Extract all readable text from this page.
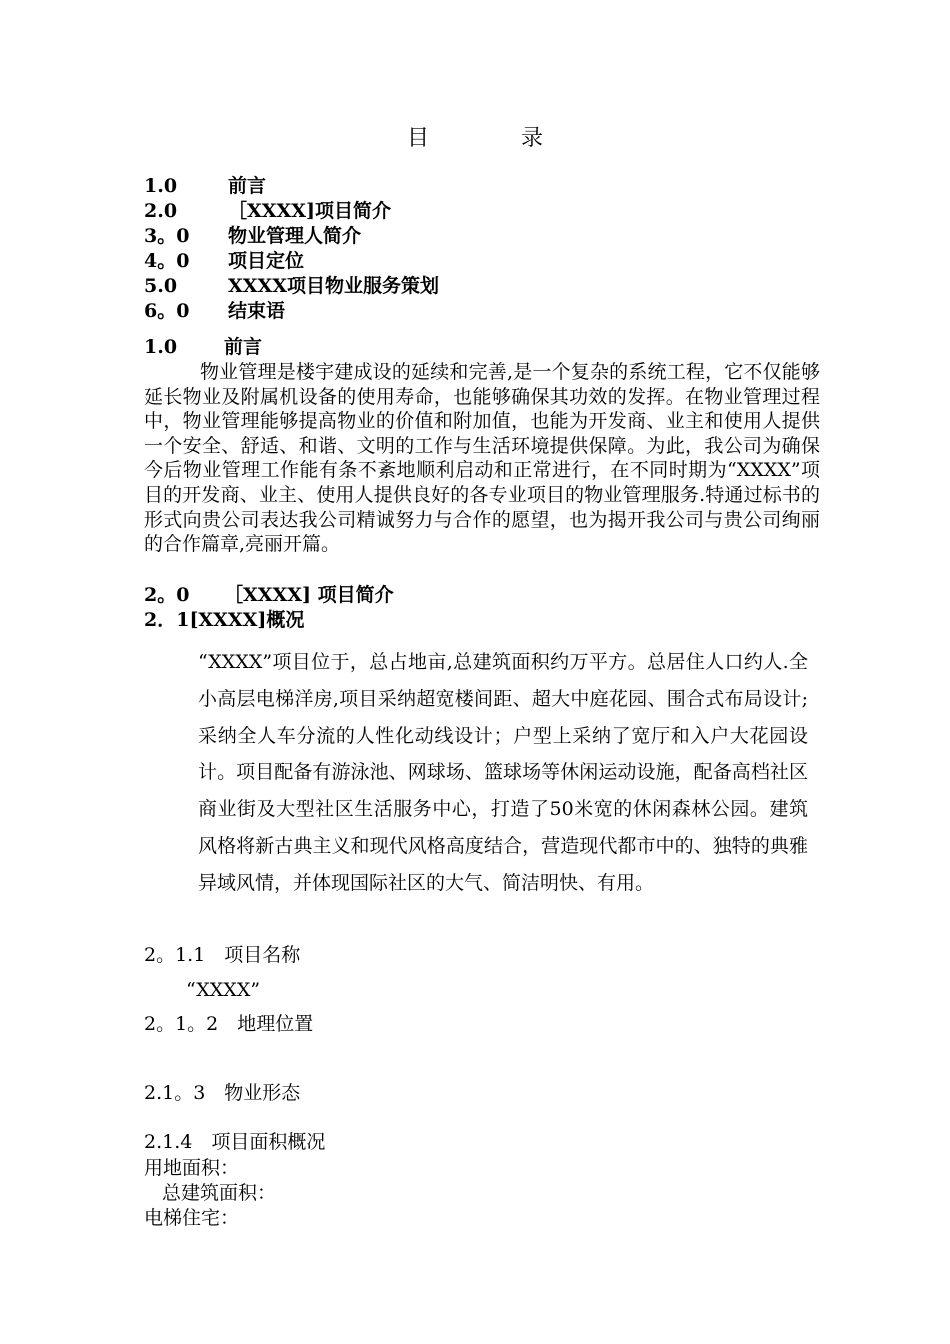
目	录
1.0	前言
2.0	［XXXX]项目简介
3。0 物业管理人简介
4。0 项目定位
5.0	XXXX项目物业服务策划
6。0 结束语
1.0 前言
物业管理是楼宇建成设的延续和完善,是一个复杂的系统工程，它不仅能够延长物业及附属机设备的使用寿命，也能够确保其功效的发挥。在物业管理过程中，物业管理能够提高物业的价值和附加值，也能为开发商、业主和使用人提供一个安全、舒适、和谐、文明的工作与生活环境提供保障。为此，我公司为确保今后物业管理工作能有条不紊地顺利启动和正常进行，在不同时期为“XXXX”项目的开发商、业主、使用人提供良好的各专业项目的物业管理服务.特通过标书的形式向贵公司表达我公司精诚努力与合作的愿望，也为揭开我公司与贵公司绚丽的合作篇章,亮丽开篇。
2。0 ［XXXX] 项目简介
2．1[XXXX]概况
“XXXX”项目位于，总占地亩,总建筑面积约万平方。总居住人口约人.全小高层电梯洋房,项目采纳超宽楼间距、超大中庭花园、围合式布局设计;采纳全人车分流的人性化动线设计；户型上采纳了宽厅和入户大花园设计。项目配备有游泳池、网球场、篮球场等休闲运动设施，配备高档社区商业街及大型社区生活服务中心，打造了50米宽的休闲森林公园。建筑风格将新古典主义和现代风格高度结合，营造现代都市中的、独特的典雅异域风情，并体现国际社区的大气、简洁明快、有用。
2。1.1　项目名称
“XXXX”
2。1。2　地理位置
2.1。3　物业形态
2.1.4　项目面积概况
用地面积：
总建筑面积：
电梯住宅：
